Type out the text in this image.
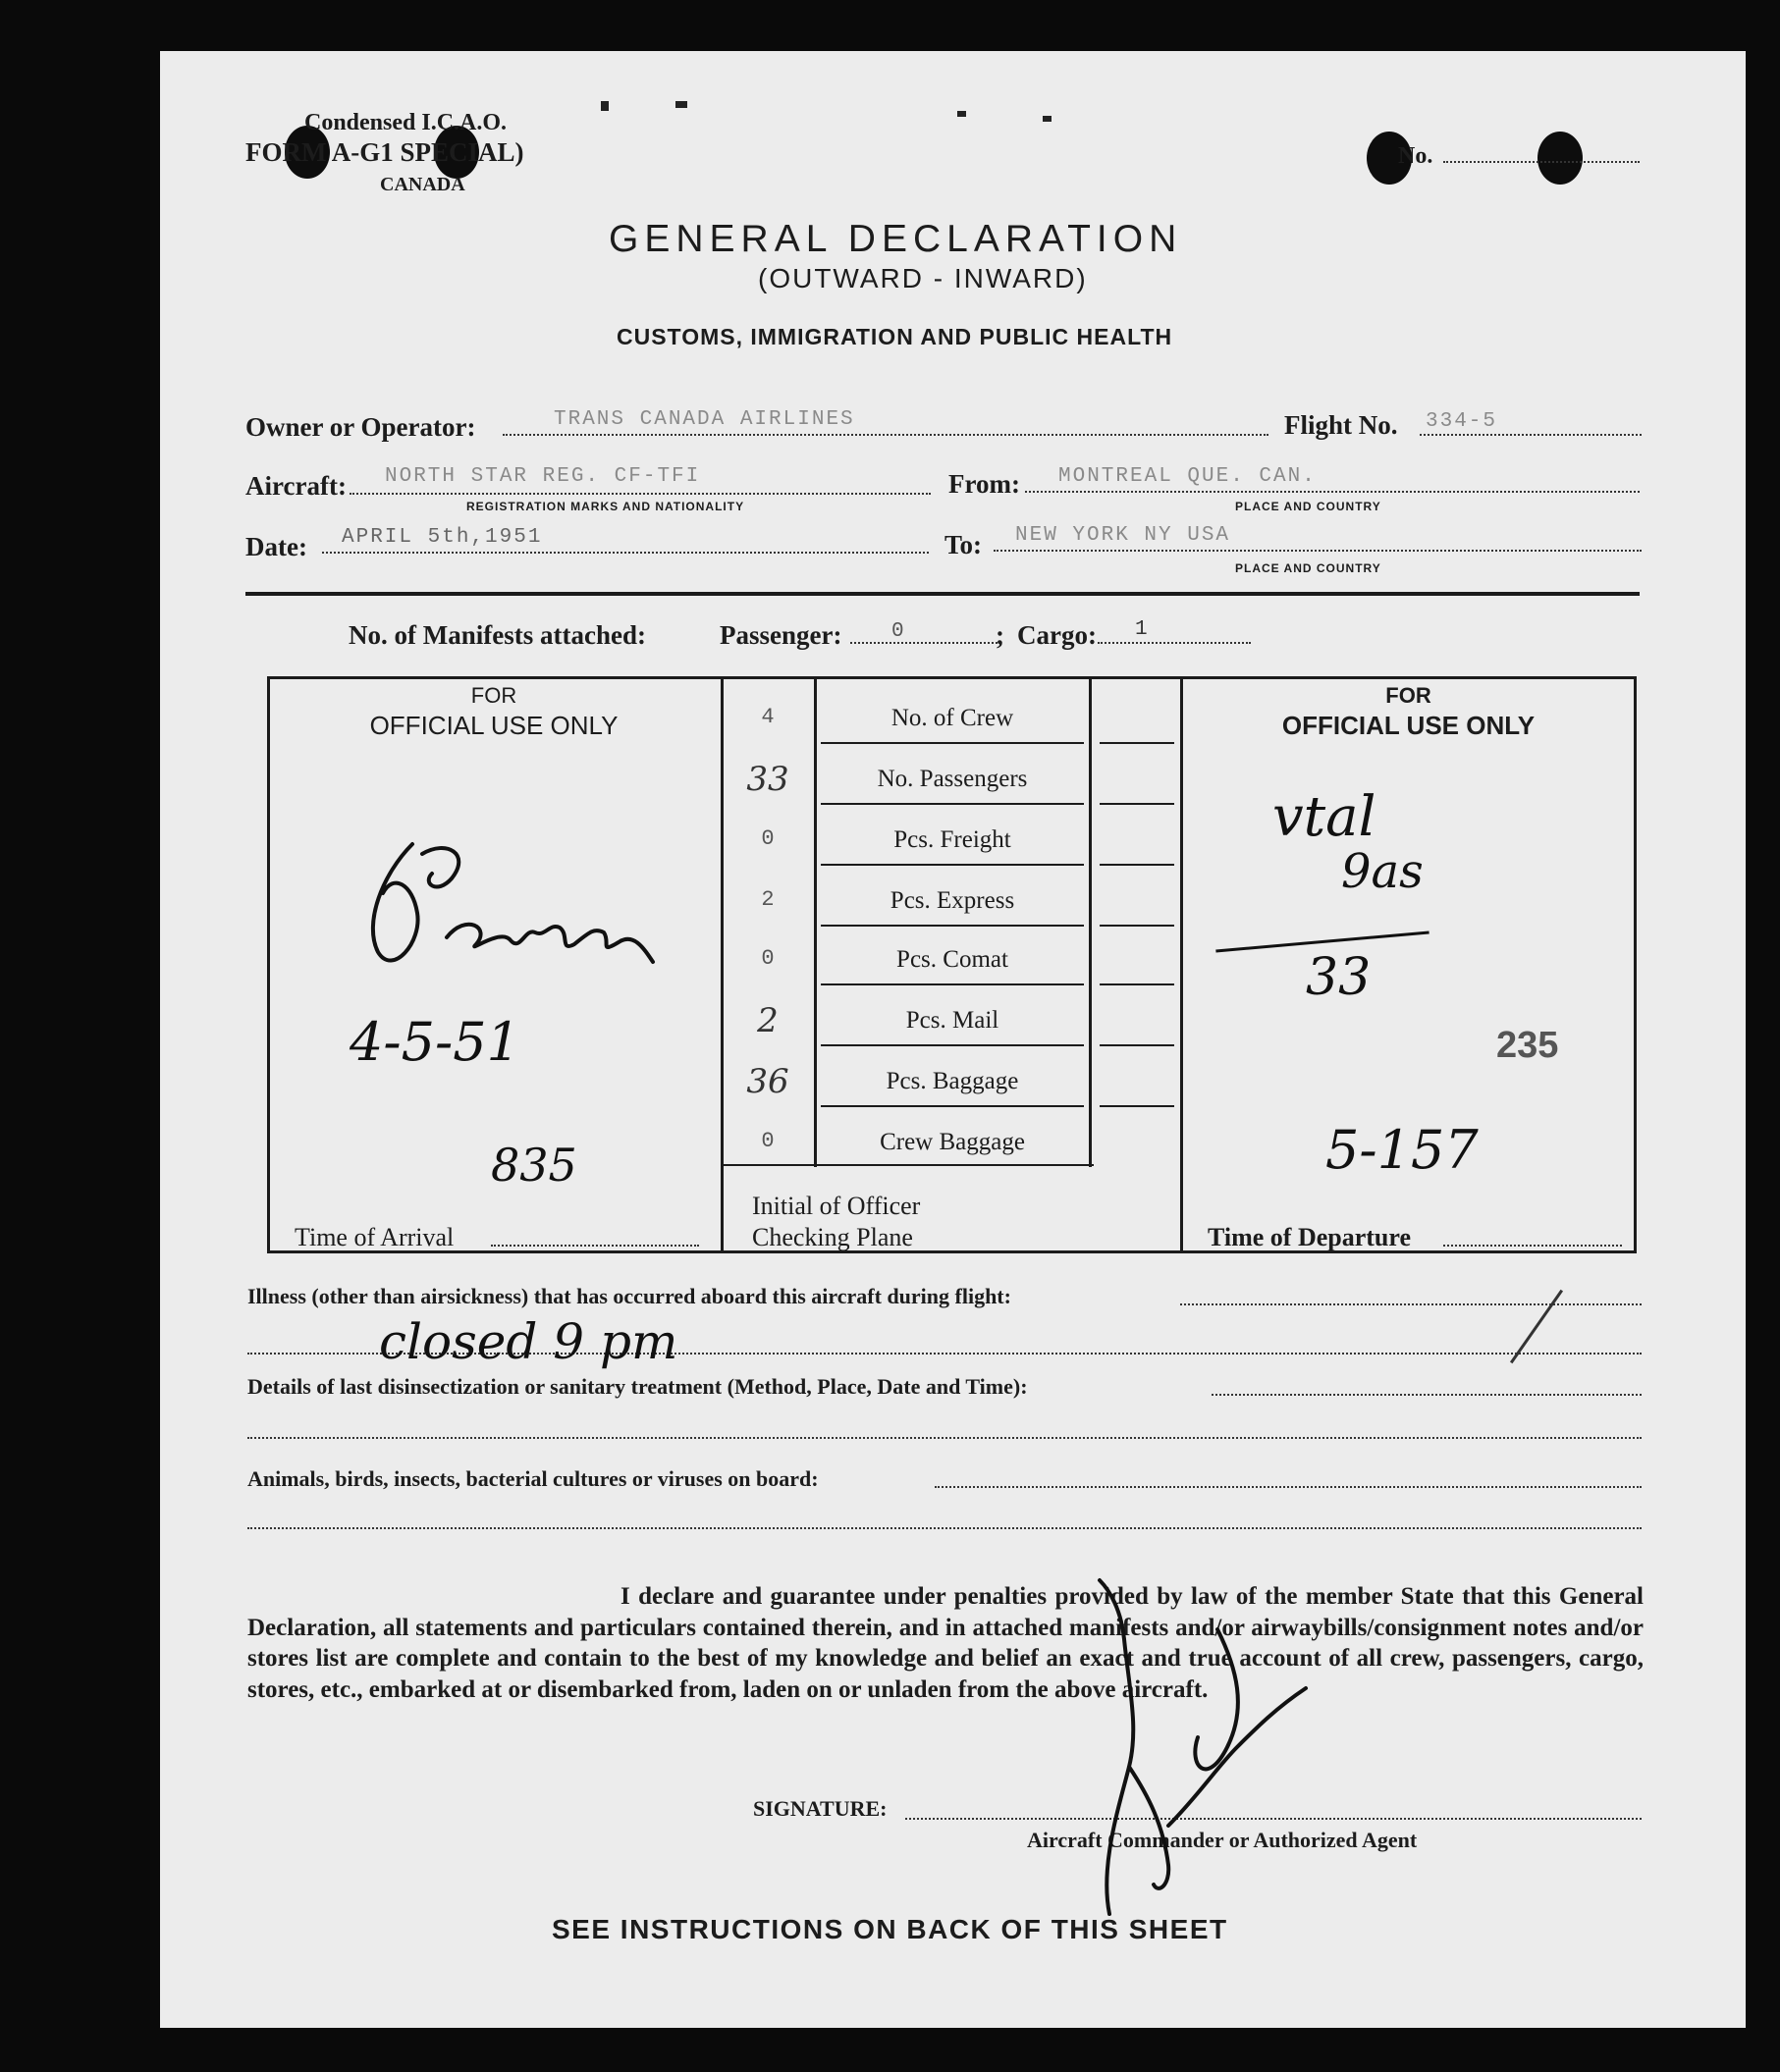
Condensed I.C.A.O.
FORM A-G1 SPECIAL)
CANADA
No.
GENERAL DECLARATION
(OUTWARD - INWARD)
CUSTOMS, IMMIGRATION AND PUBLIC HEALTH
Owner or Operator:	TRANS CANADA AIRLINES	Flight No. 334-5
Aircraft: NORTH STAR REG. CF-TFI
REGISTRATION MARKS AND NATIONALITY
From: MONTREAL QUE. CAN.
PLACE AND COUNTRY
Date: APRIL 5th,1951	To: NEW YORK NY USA
PLACE AND COUNTRY
No. of Manifests attached:	Passenger: 0	; Cargo: 1
FOR
OFFICIAL USE ONLY
FOR
OFFICIAL USE ONLY
4-5-51
835
Time of Arrival
vtal
9as
33
235
5-157
Time of Departure
Initial of Officer
Checking Plane
4	No. of Crew
33	No. Passengers
0	Pcs. Freight
2	Pcs. Express
0	Pcs. Comat
2	Pcs. Mail
36	Pcs. Baggage
0	Crew Baggage
Illness (other than airsickness) that has occurred aboard this aircraft during flight:
closed 9 pm
Details of last disinsectization or sanitary treatment (Method, Place, Date and Time):
Animals, birds, insects, bacterial cultures or viruses on board:
I declare and guarantee under penalties provided by law of the member State that this General Declaration, all statements and particulars contained therein, and in attached manifests and/or airwaybills/consignment notes and/or stores list are complete and contain to the best of my knowledge and belief an exact and true account of all crew, passengers, cargo, stores, etc., embarked at or disembarked from, laden on or unladen from the above aircraft.
SIGNATURE:
Aircraft Commander or Authorized Agent
SEE INSTRUCTIONS ON BACK OF THIS SHEET
